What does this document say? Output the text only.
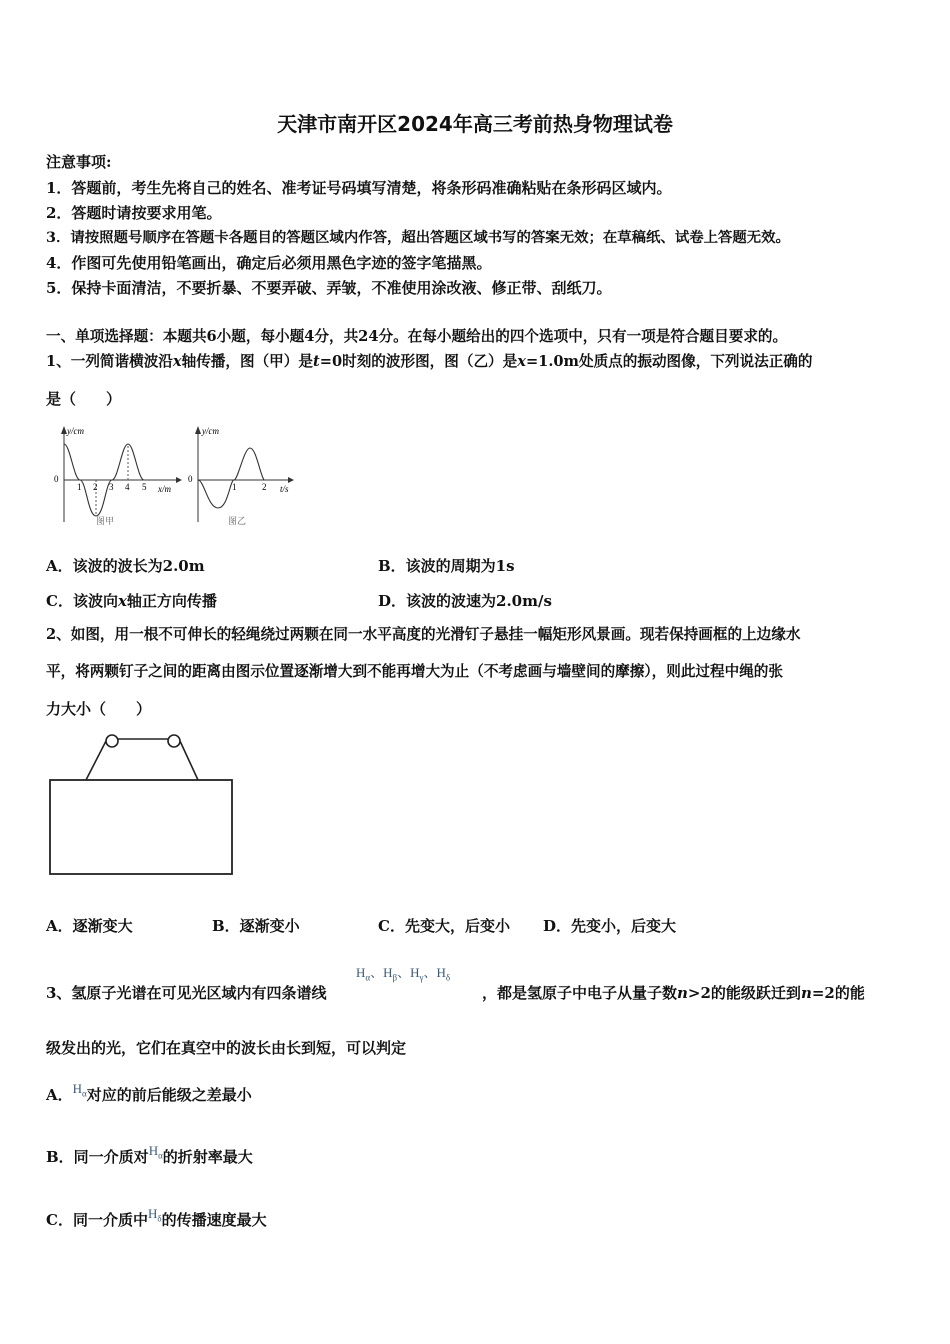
天津市南开区2024年高三考前热身物理试卷
注意事项:
1．答题前，考生先将自己的姓名、准考证号码填写清楚，将条形码准确粘贴在条形码区域内。
2．答题时请按要求用笔。
3．请按照题号顺序在答题卡各题目的答题区域内作答，超出答题区域书写的答案无效；在草稿纸、试卷上答题无效。
4．作图可先使用铅笔画出，确定后必须用黑色字迹的签字笔描黑。
5．保持卡面清洁，不要折暴、不要弄破、弄皱，不准使用涂改液、修正带、刮纸刀。
一、单项选择题：本题共6小题，每小题4分，共24分。在每小题给出的四个选项中，只有一项是符合题目要求的。
1、一列简谐横波沿x轴传播，图（甲）是t=0时刻的波形图，图（乙）是x=1.0m处质点的振动图像，下列说法正确的
是（　　）
y/cm
0
x/m
1 2 3 4 5
图甲
y/cm
0
t/s
1	2
图乙
A．该波的波长为2.0m	B．该波的周期为1s
C．该波向x轴正方向传播	D．该波的波速为2.0m/s
2、如图，用一根不可伸长的轻绳绕过两颗在同一水平高度的光滑钉子悬挂一幅矩形风景画。现若保持画框的上边缘水
平，将两颗钉子之间的距离由图示位置逐渐增大到不能再增大为止（不考虑画与墙壁间的摩擦），则此过程中绳的张
力大小（　　）
A．逐渐变大	B．逐渐变小	C．先变大，后变小 D．先变小，后变大
$H_\alpha$、$H_\beta$、$H_\gamma$、$H_\delta$
3、氢原子光谱在可见光区域内有四条谱线	，都是氢原子中电子从量子数n>2的能级跃迁到n=2的能
级发出的光，它们在真空中的波长由长到短，可以判定
A．$H_\alpha$对应的前后能级之差最小
B．同一介质对$H_\alpha$的折射率最大
C．同一介质中$H_\delta$的传播速度最大
